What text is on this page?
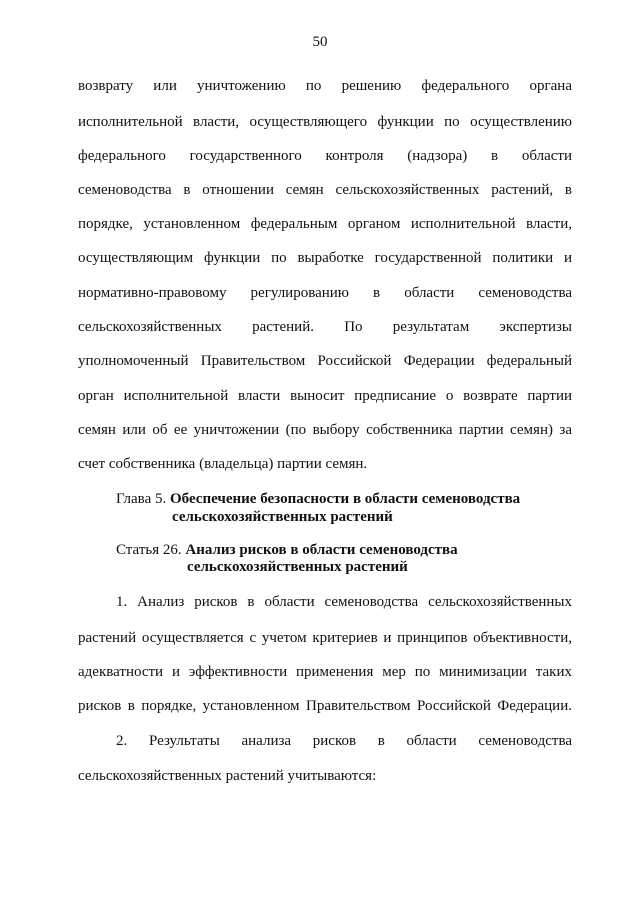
50
возврату или уничтожению по решению федерального органа
исполнительной власти, осуществляющего функции по осуществлению
федерального государственного контроля (надзора) в области
семеноводства в отношении семян сельскохозяйственных растений, в
порядке, установленном федеральным органом исполнительной власти,
осуществляющим функции по выработке государственной политики и
нормативно-правовому регулированию в области семеноводства
сельскохозяйственных растений. По результатам экспертизы
уполномоченный Правительством Российской Федерации федеральный
орган исполнительной власти выносит предписание о возврате партии
семян или об ее уничтожении (по выбору собственника партии семян) за
счет собственника (владельца) партии семян.
Глава 5. Обеспечение безопасности в области семеноводства
сельскохозяйственных растений
Статья 26. Анализ рисков в области семеноводства
сельскохозяйственных растений
1. Анализ рисков в области семеноводства сельскохозяйственных
растений осуществляется с учетом критериев и принципов объективности,
адекватности и эффективности применения мер по минимизации таких
рисков в порядке, установленном Правительством Российской Федерации.
2. Результаты анализа рисков в области семеноводства
сельскохозяйственных растений учитываются:
